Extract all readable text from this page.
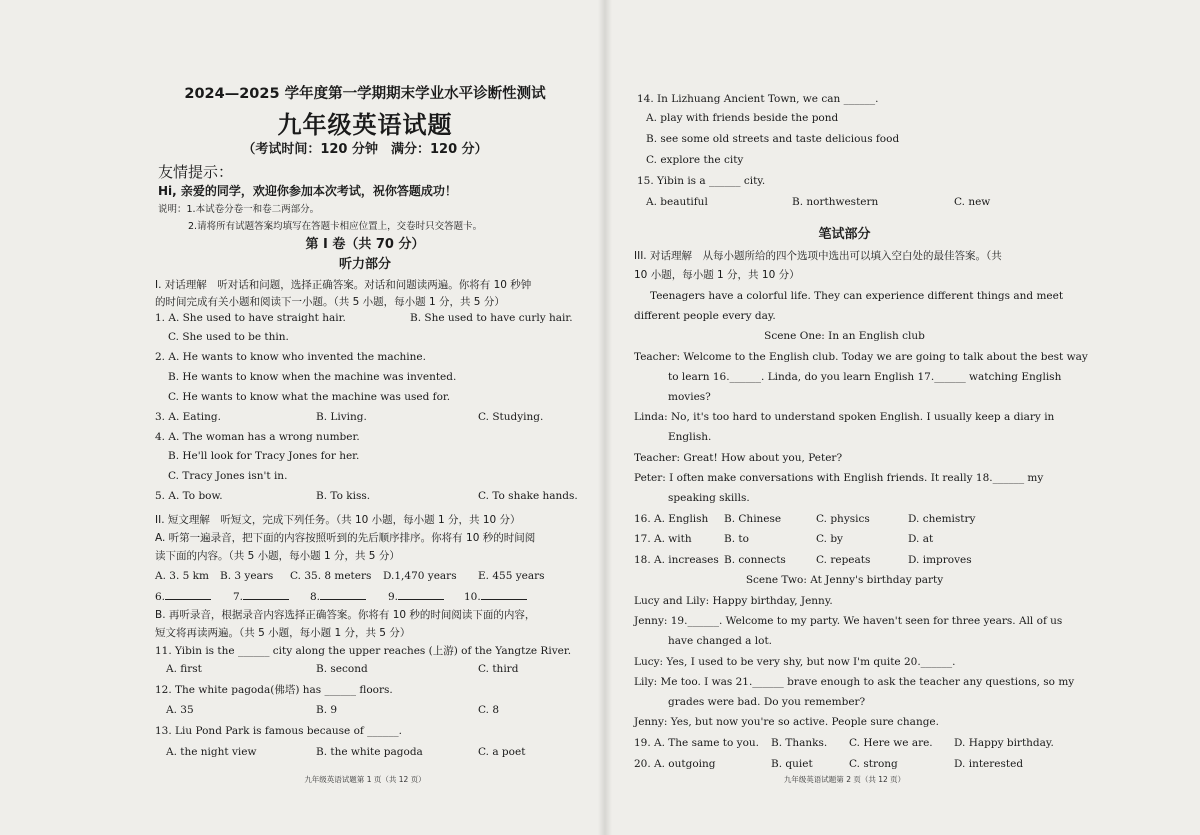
2024—2025 学年度第一学期期末学业水平诊断性测试
九年级英语试题
（考试时间：120 分钟　满分：120 分）
友情提示：
Hi, 亲爱的同学，欢迎你参加本次考试，祝你答题成功！
说明：1.本试卷分卷一和卷二两部分。
2.请将所有试题答案均填写在答题卡相应位置上，交卷时只交答题卡。
第 I 卷（共 70 分）
听力部分
I. 对话理解　听对话和问题，选择正确答案。对话和问题读两遍。你将有 10 秒钟
的时间完成有关小题和阅读下一小题。（共 5 小题，每小题 1 分，共 5 分）
1. A. She used to have straight hair.	B. She used to have curly hair.
C. She used to be thin.
2. A. He wants to know who invented the machine.
B. He wants to know when the machine was invented.
C. He wants to know what the machine was used for.
3. A. Eating.	B. Living.	C. Studying.
4. A. The woman has a wrong number.
B. He'll look for Tracy Jones for her.
C. Tracy Jones isn't in.
5. A. To bow.	B. To kiss.	C. To shake hands.
II. 短文理解　听短文，完成下列任务。（共 10 小题，每小题 1 分，共 10 分）
A. 听第一遍录音，把下面的内容按照听到的先后顺序排序。你将有 10 秒的时间阅
读下面的内容。（共 5 小题，每小题 1 分，共 5 分）
A. 3. 5 km B. 3 years C. 35. 8 meters D.1,470 years E. 455 years
6.	7.	8.	9.	10.
B. 再听录音，根据录音内容选择正确答案。你将有 10 秒的时间阅读下面的内容，
短文将再读两遍。（共 5 小题，每小题 1 分，共 5 分）
11. Yibin is the ______ city along the upper reaches (上游) of the Yangtze River.
A. first	B. second	C. third
12. The white pagoda(佛塔) has ______ floors.
A. 35	B. 9	C. 8
13. Liu Pond Park is famous because of ______.
A. the night view	B. the white pagoda	C. a poet
九年级英语试题第 1 页（共 12 页）
14. In Lizhuang Ancient Town, we can ______.
A. play with friends beside the pond
B. see some old streets and taste delicious food
C. explore the city
15. Yibin is a ______ city.
A. beautiful	B. northwestern	C. new
笔试部分
III. 对话理解　从每小题所给的四个选项中选出可以填入空白处的最佳答案。（共
10 小题，每小题 1 分，共 10 分）
Teenagers have a colorful life. They can experience different things and meet
different people every day.
Scene One: In an English club
Teacher: Welcome to the English club. Today we are going to talk about the best way
to learn 16.______. Linda, do you learn English 17.______ watching English
movies?
Linda: No, it's too hard to understand spoken English. I usually keep a diary in
English.
Teacher: Great! How about you, Peter?
Peter: I often make conversations with English friends. It really 18.______ my
speaking skills.
16. A. English B. Chinese	C. physics	D. chemistry
17. A. with	B. to	C. by	D. at
18. A. increases B. connects	C. repeats	D. improves
Scene Two: At Jenny's birthday party
Lucy and Lily: Happy birthday, Jenny.
Jenny: 19.______. Welcome to my party. We haven't seen for three years. All of us
have changed a lot.
Lucy: Yes, I used to be very shy, but now I'm quite 20.______.
Lily: Me too. I was 21.______ brave enough to ask the teacher any questions, so my
grades were bad. Do you remember?
Jenny: Yes, but now you're so active. People sure change.
19. A. The same to you. B. Thanks. C. Here we are. D. Happy birthday.
20. A. outgoing	B. quiet	C. strong	D. interested
九年级英语试题第 2 页（共 12 页）
